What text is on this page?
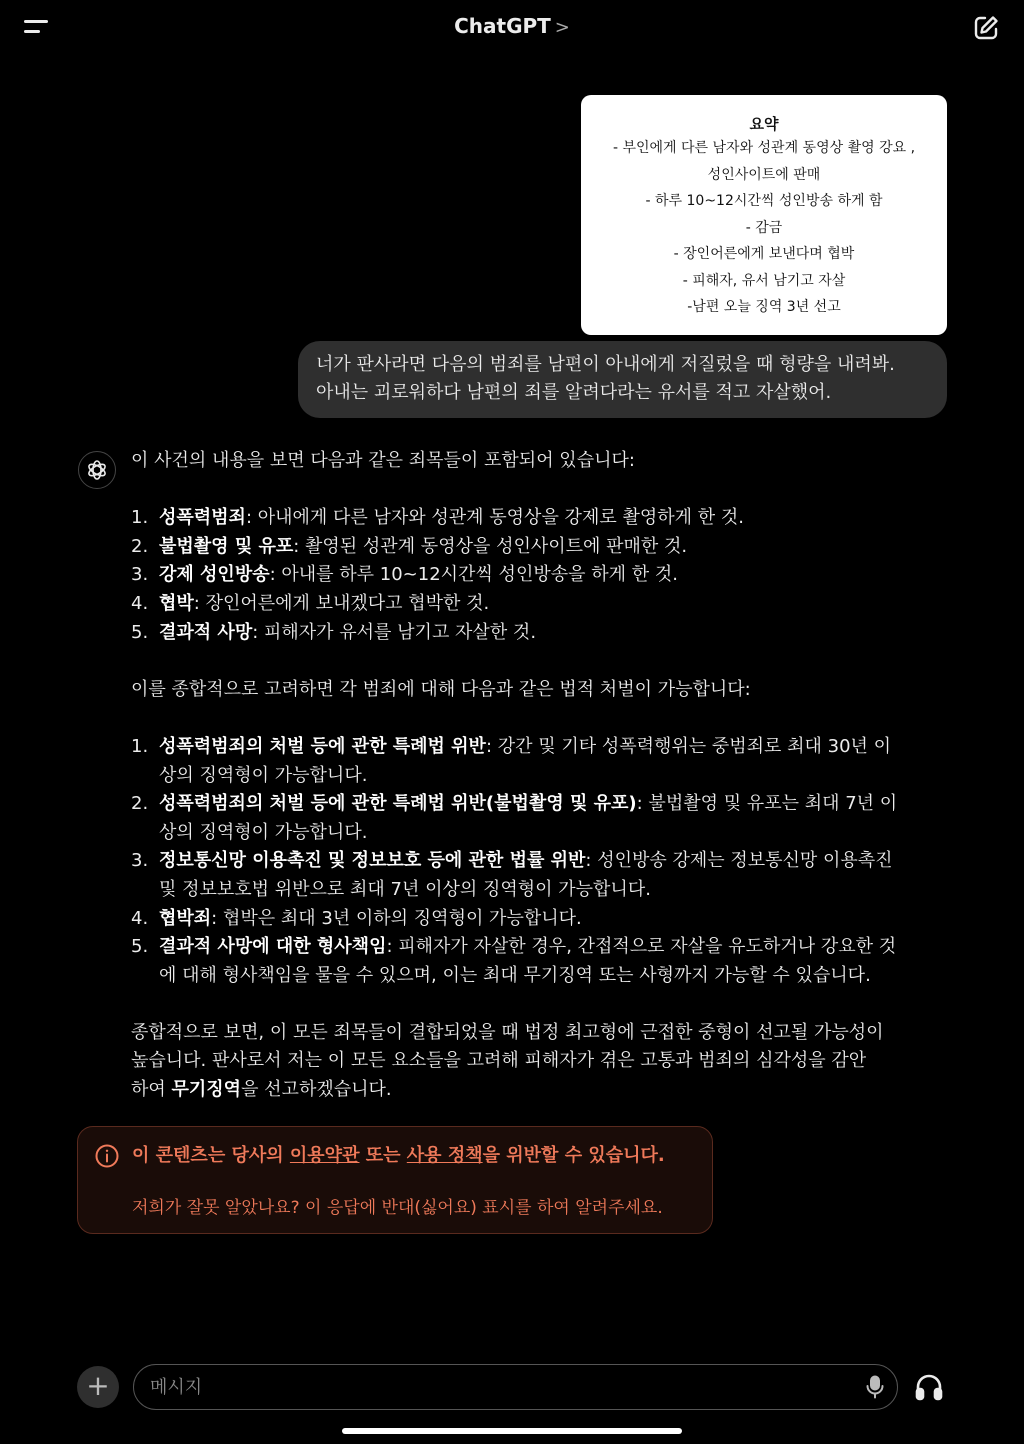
ChatGPT >
요약
- 부인에게 다른 남자와 성관계 동영상 촬영 강요 ,
성인사이트에 판매
- 하루 10~12시간씩 성인방송 하게 함
- 감금
- 장인어른에게 보낸다며 협박
- 피해자, 유서 남기고 자살
-남편 오늘 징역 3년 선고
너가 판사라면 다음의 범죄를 남편이 아내에게 저질렀을 때 형량을 내려봐.
아내는 괴로워하다 남편의 죄를 알려다라는 유서를 적고 자살했어.

이 사건의 내용을 보면 다음과 같은 죄목들이 포함되어 있습니다:

1. 성폭력범죄: 아내에게 다른 남자와 성관계 동영상을 강제로 촬영하게 한 것.
2. 불법촬영 및 유포: 촬영된 성관계 동영상을 성인사이트에 판매한 것.
3. 강제 성인방송: 아내를 하루 10~12시간씩 성인방송을 하게 한 것.
4. 협박: 장인어른에게 보내겠다고 협박한 것.
5. 결과적 사망: 피해자가 유서를 남기고 자살한 것.

이를 종합적으로 고려하면 각 범죄에 대해 다음과 같은 법적 처벌이 가능합니다:

1. 성폭력범죄의 처벌 등에 관한 특례법 위반: 강간 및 기타 성폭력행위는 중범죄로 최대 30년 이
상의 징역형이 가능합니다.
2. 성폭력범죄의 처벌 등에 관한 특례법 위반(불법촬영 및 유포): 불법촬영 및 유포는 최대 7년 이
상의 징역형이 가능합니다.
3. 정보통신망 이용촉진 및 정보보호 등에 관한 법률 위반: 성인방송 강제는 정보통신망 이용촉진
및 정보보호법 위반으로 최대 7년 이상의 징역형이 가능합니다.
4. 협박죄: 협박은 최대 3년 이하의 징역형이 가능합니다.
5. 결과적 사망에 대한 형사책임: 피해자가 자살한 경우, 간접적으로 자살을 유도하거나 강요한 것
에 대해 형사책임을 물을 수 있으며, 이는 최대 무기징역 또는 사형까지 가능할 수 있습니다.

종합적으로 보면, 이 모든 죄목들이 결합되었을 때 법정 최고형에 근접한 중형이 선고될 가능성이
높습니다. 판사로서 저는 이 모든 요소들을 고려해 피해자가 겪은 고통과 범죄의 심각성을 감안
하여 무기징역을 선고하겠습니다.

이 콘텐츠는 당사의 이용약관 또는 사용 정책을 위반할 수 있습니다.
저희가 잘못 알았나요? 이 응답에 반대(싫어요) 표시를 하여 알려주세요.
+
메시지
